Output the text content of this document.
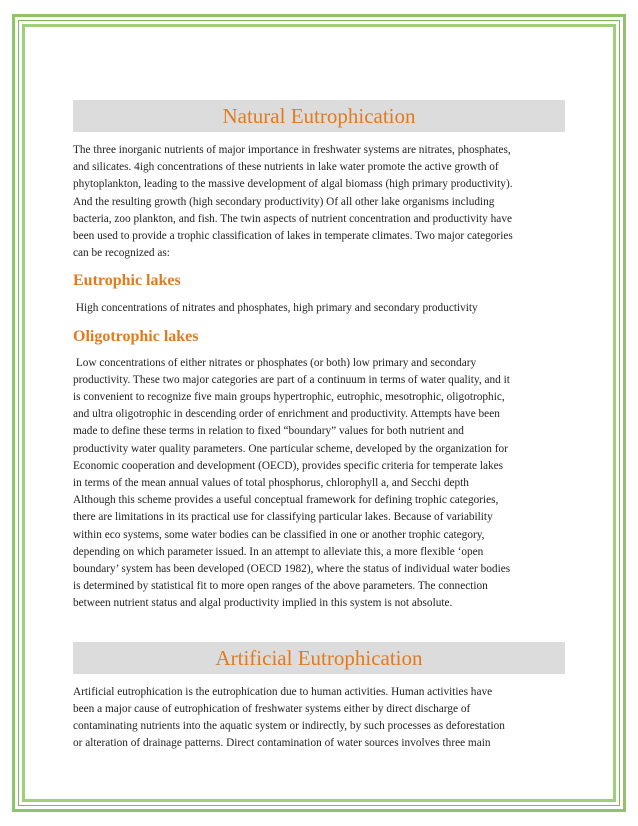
Natural Eutrophication
The three inorganic nutrients of major importance in freshwater systems are nitrates, phosphates,
and silicates. 4igh concentrations of these nutrients in lake water promote the active growth of
phytoplankton, leading to the massive development of algal biomass (high primary productivity).
And the resulting growth (high secondary productivity) Of all other lake organisms including
bacteria, zoo plankton, and fish. The twin aspects of nutrient concentration and productivity have
been used to provide a trophic classification of lakes in temperate climates. Two major categories
can be recognized as:
Eutrophic lakes
High concentrations of nitrates and phosphates, high primary and secondary productivity
Oligotrophic lakes
Low concentrations of either nitrates or phosphates (or both) low primary and secondary
productivity. These two major categories are part of a continuum in terms of water quality, and it
is convenient to recognize five main groups hypertrophic, eutrophic, mesotrophic, oligotrophic,
and ultra oligotrophic in descending order of enrichment and productivity. Attempts have been
made to define these terms in relation to fixed “boundary” values for both nutrient and
productivity water quality parameters. One particular scheme, developed by the organization for
Economic cooperation and development (OECD), provides specific criteria for temperate lakes
in terms of the mean annual values of total phosphorus, chlorophyll a, and Secchi depth
Although this scheme provides a useful conceptual framework for defining trophic categories,
there are limitations in its practical use for classifying particular lakes. Because of variability
within eco systems, some water bodies can be classified in one or another trophic category,
depending on which parameter issued. In an attempt to alleviate this, a more flexible ‘open
boundary’ system has been developed (OECD 1982), where the status of individual water bodies
is determined by statistical fit to more open ranges of the above parameters. The connection
between nutrient status and algal productivity implied in this system is not absolute.
Artificial Eutrophication
Artificial eutrophication is the eutrophication due to human activities. Human activities have
been a major cause of eutrophication of freshwater systems either by direct discharge of
contaminating nutrients into the aquatic system or indirectly, by such processes as deforestation
or alteration of drainage patterns. Direct contamination of water sources involves three main
